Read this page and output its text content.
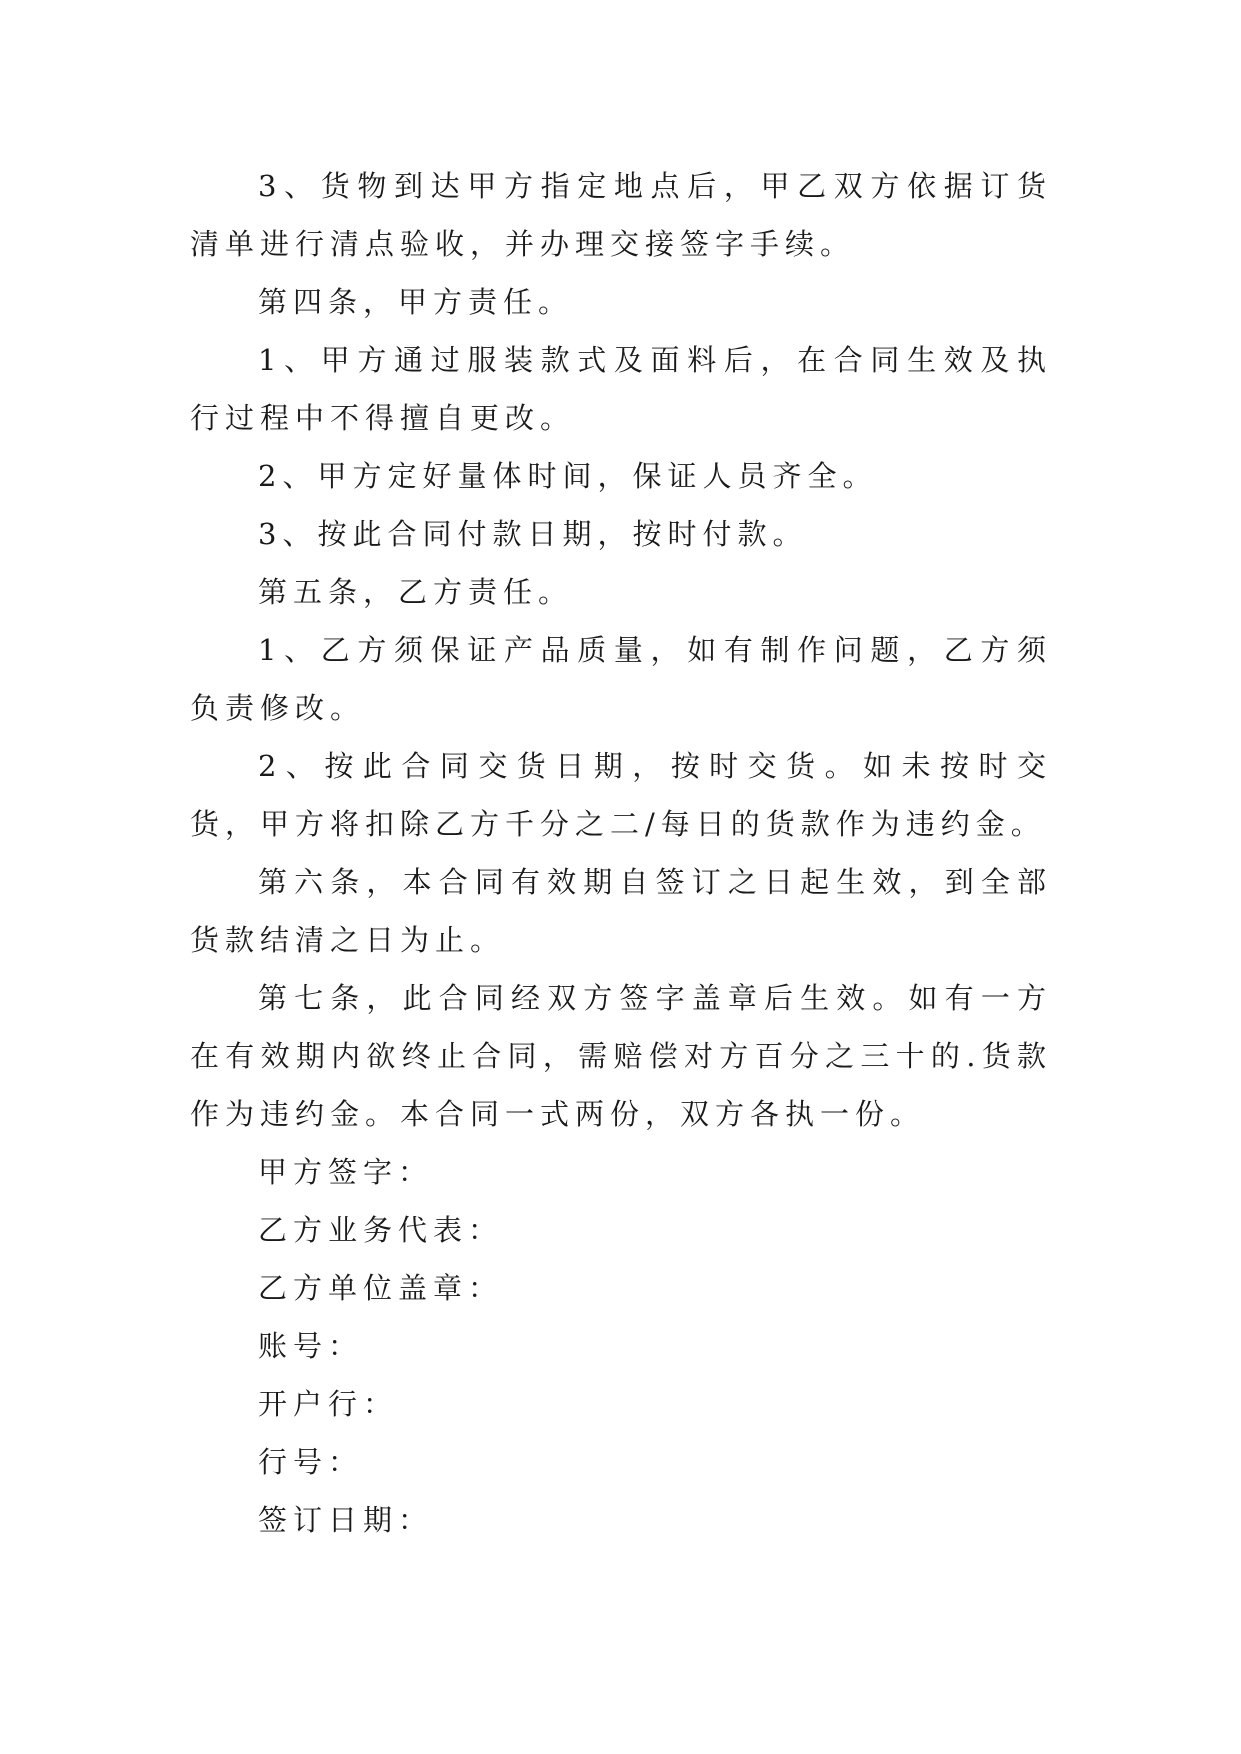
3、货物到达甲方指定地点后，甲乙双方依据订货清单进行清点验收，并办理交接签字手续。

第四条，甲方责任。

1、甲方通过服装款式及面料后，在合同生效及执行过程中不得擅自更改。

2、甲方定好量体时间，保证人员齐全。

3、按此合同付款日期，按时付款。

第五条，乙方责任。

1、乙方须保证产品质量，如有制作问题，乙方须负责修改。

2、按此合同交货日期，按时交货。如未按时交货，甲方将扣除乙方千分之二/每日的货款作为违约金。

第六条，本合同有效期自签订之日起生效，到全部货款结清之日为止。

第七条，此合同经双方签字盖章后生效。如有一方在有效期内欲终止合同，需赔偿对方百分之三十的.货款作为违约金。本合同一式两份，双方各执一份。

甲方签字：

乙方业务代表：

乙方单位盖章：

账号：

开户行：

行号：

签订日期：
